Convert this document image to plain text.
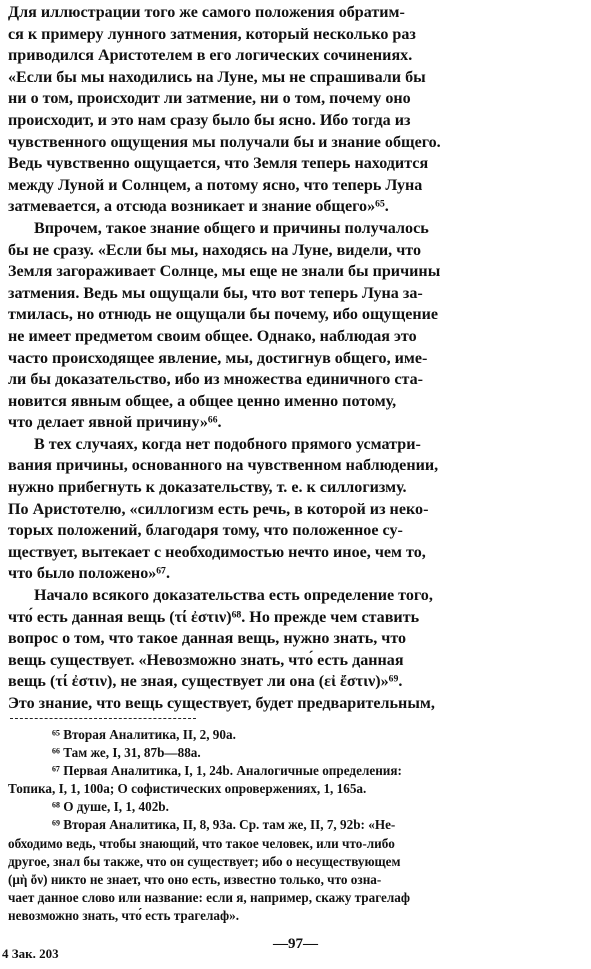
Для иллюстрации того же самого положения обратим-
ся к примеру лунного затмения, который несколько раз
приводился Аристотелем в его логических сочинениях.
«Если бы мы находились на Луне, мы не спрашивали бы
ни о том, происходит ли затмение, ни о том, почему оно
происходит, и это нам сразу было бы ясно. Ибо тогда из
чувственного ощущения мы получали бы и знание общего.
Ведь чувственно ощущается, что Земля теперь находится
между Луной и Солнцем, а потому ясно, что теперь Луна
затмевается, а отсюда возникает и знание общего»⁶⁵.
Впрочем, такое знание общего и причины получалось
бы не сразу. «Если бы мы, находясь на Луне, видели, что
Земля загораживает Солнце, мы еще не знали бы причины
затмения. Ведь мы ощущали бы, что вот теперь Луна за-
тмилась, но отнюдь не ощущали бы почему, ибо ощущение
не имеет предметом своим общее. Однако, наблюдая это
часто происходящее явление, мы, достигнув общего, име-
ли бы доказательство, ибо из множества единичного ста-
новится явным общее, а общее ценно именно потому,
что делает явной причину»⁶⁶.
В тех случаях, когда нет подобного прямого усматри-
вания причины, основанного на чувственном наблюдении,
нужно прибегнуть к доказательству, т. е. к силлогизму.
По Аристотелю, «силлогизм есть речь, в которой из неко-
торых положений, благодаря тому, что положенное су-
ществует, вытекает с необходимостью нечто иное, чем то,
что было положено»⁶⁷.
Начало всякого доказательства есть определение того,
что́ есть данная вещь (τί ἐστιν)⁶⁸. Но прежде чем ставить
вопрос о том, что такое данная вещь, нужно знать, что
вещь существует. «Невозможно знать, что́ есть данная
вещь (τί ἐστιν), не зная, существует ли она (εἰ ἔστιν)»⁶⁹.
Это знание, что вещь существует, будет предварительным,
⁶⁵ Вторая Аналитика, II, 2, 90a.
⁶⁶ Там же, I, 31, 87b—88a.
⁶⁷ Первая Аналитика, I, 1, 24b. Аналогичные определения:
Топика, I, 1, 100a; О софистических опровержениях, 1, 165a.
⁶⁸ О душе, I, 1, 402b.
⁶⁹ Вторая Аналитика, II, 8, 93a. Ср. там же, II, 7, 92b: «Не-
обходимо ведь, чтобы знающий, что такое человек, или что-либо
другое, знал бы также, что он существует; ибо о несуществующем
(μὴ ὄν) никто не знает, что оно есть, известно только, что озна-
чает данное слово или название: если я, например, скажу трагелаф
невозможно знать, что́ есть трагелаф».
4 Зак. 203
—97—
